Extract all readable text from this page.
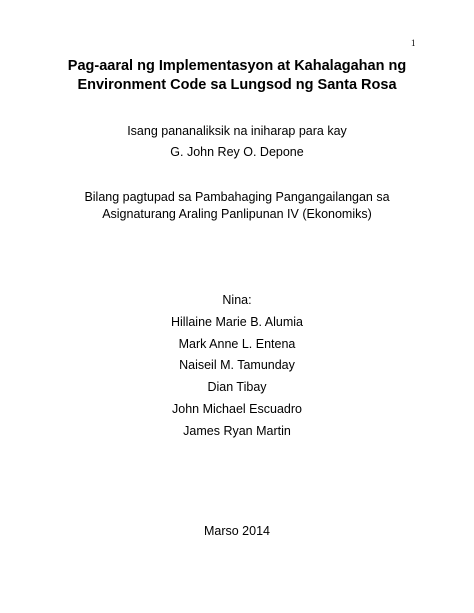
1
Pag-aaral ng Implementasyon at Kahalagahan ng
Environment Code sa Lungsod ng Santa Rosa
Isang pananaliksik na iniharap para kay
G. John Rey O. Depone
Bilang pagtupad sa Pambahaging Pangangailangan sa
Asignaturang Araling Panlipunan IV (Ekonomiks)
Nina:
Hillaine Marie B. Alumia
Mark Anne L. Entena
Naiseil M. Tamunday
Dian Tibay
John Michael Escuadro
James Ryan Martin
Marso 2014
